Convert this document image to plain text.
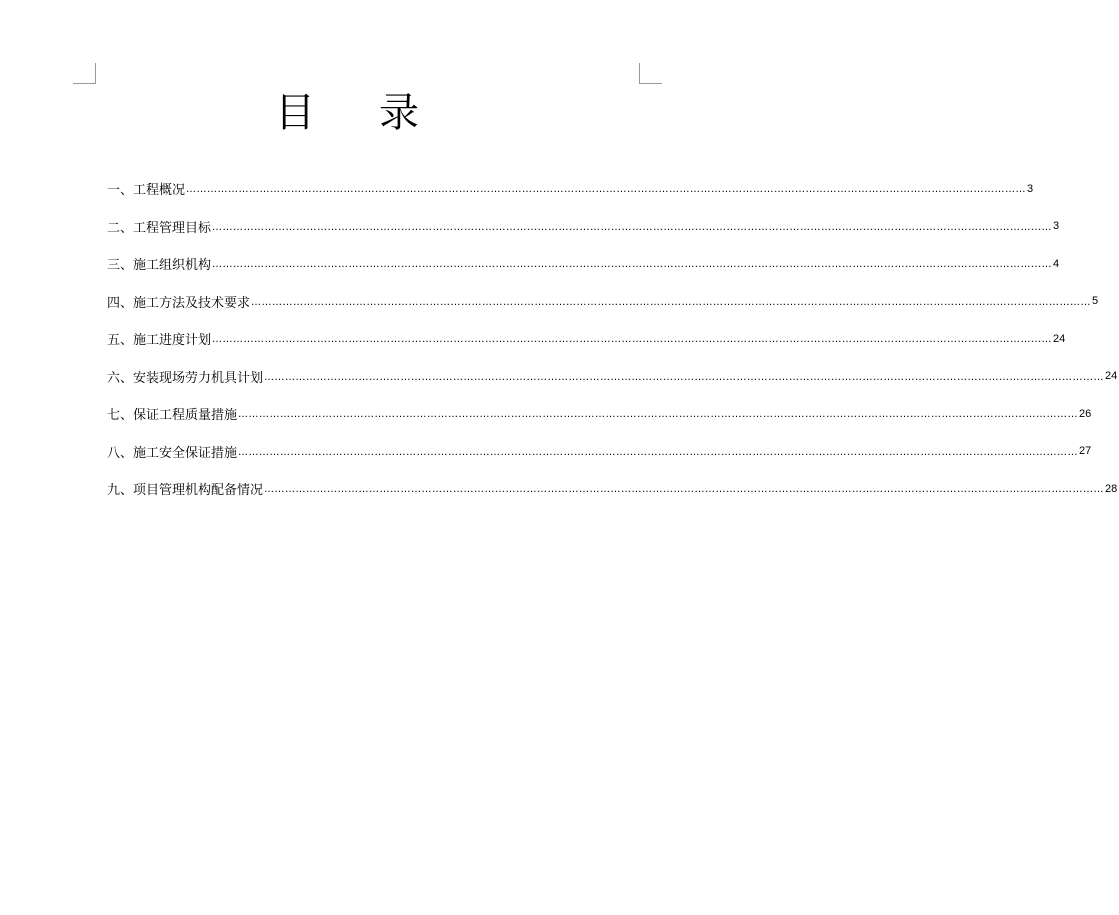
目 录
一、工程概况 …………………………………………………………………………………………………………………………………………………………………………………………………………………… 3
二、工程管理目标 …………………………………………………………………………………………………………………………………………………………………………………………………………………… 3
三、施工组织机构 …………………………………………………………………………………………………………………………………………………………………………………………………………………… 4
四、施工方法及技术要求 …………………………………………………………………………………………………………………………………………………………………………………………………………………… 5
五、施工进度计划 …………………………………………………………………………………………………………………………………………………………………………………………………………………… 24
六、安装现场劳力机具计划 …………………………………………………………………………………………………………………………………………………………………………………………………………………… 24
七、保证工程质量措施 …………………………………………………………………………………………………………………………………………………………………………………………………………………… 26
八、施工安全保证措施 …………………………………………………………………………………………………………………………………………………………………………………………………………………… 27
九、项目管理机构配备情况 …………………………………………………………………………………………………………………………………………………………………………………………………………………… 28
